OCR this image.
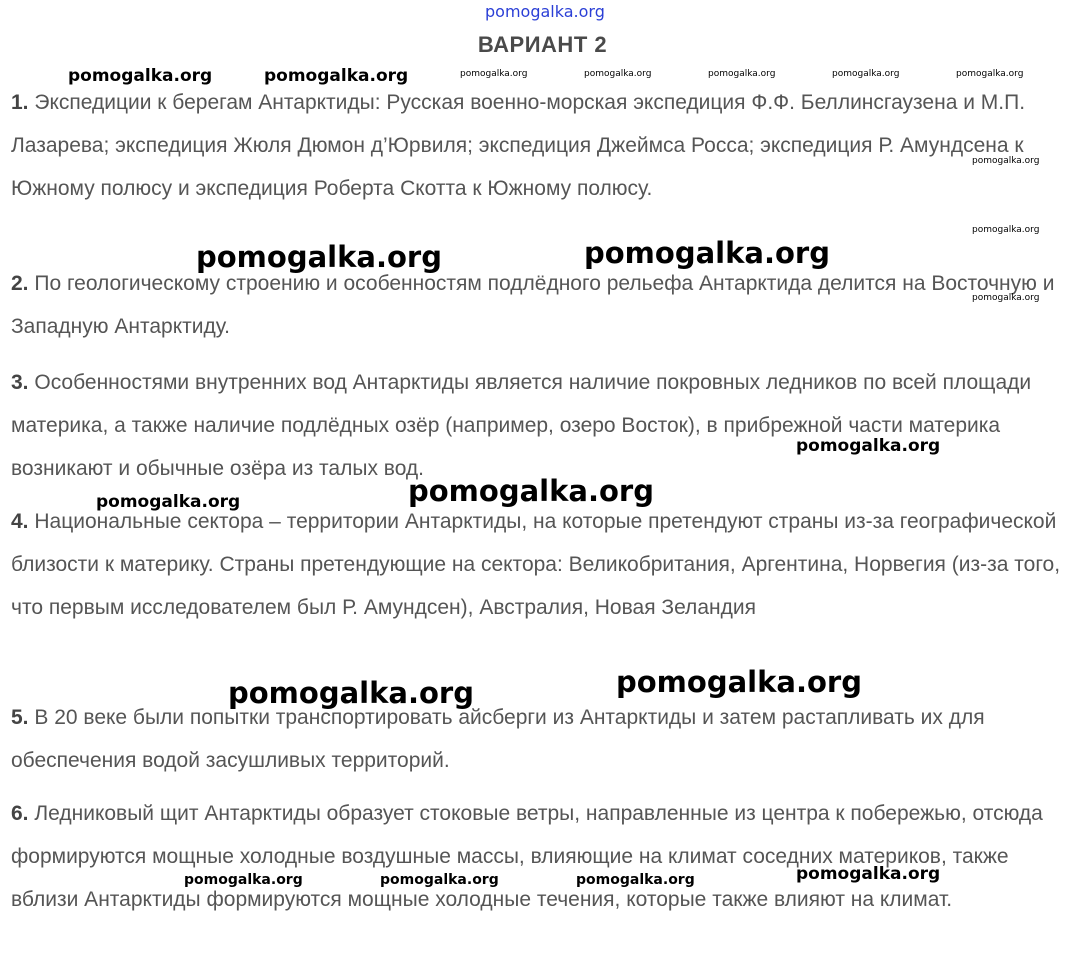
pomogalka.org
pomogalka.org	pomogalka.org	pomogalka.org	pomogalka.org	pomogalka.org	pomogalka.org	pomogalka.org
ВАРИАНТ 2

1. Экспедиции к берегам Антарктиды: Русская военно-морская экспедиция Ф.Ф. Беллинсгаузена и М.П. Лазарева; экспедиция Жюля Дюмон д’Юрвиля; экспедиция Джеймса Росса; экспедиция Р. Амундсена к Южному полюсу и экспедиция Роберта Скотта к Южному полюсу.

2. По геологическому строению и особенностям подлёдного рельефа Антарктида делится на Восточную и Западную Антарктиду.

3. Особенностями внутренних вод Антарктиды является наличие покровных ледников по всей площади материка, а также наличие подлёдных озёр (например, озеро Восток), в прибрежной части материка возникают и обычные озёра из талых вод.

4. Национальные сектора – территории Антарктиды, на которые претендуют страны из-за географической близости к материку. Страны претендующие на сектора: Великобритания, Аргентина, Норвегия (из-за того, что первым исследователем был Р. Амундсен), Австралия, Новая Зеландия

5. В 20 веке были попытки транспортировать айсберги из Антарктиды и затем растапливать их для обеспечения водой засушливых территорий.

6. Ледниковый щит Антарктиды образует стоковые ветры, направленные из центра к побережью, отсюда формируются мощные холодные воздушные массы, влияющие на климат соседних материков, также вблизи Антарктиды формируются мощные холодные течения, которые также влияют на климат.

pomogalka.org
pomogalka.org
pomogalka.org
pomogalka.org	pomogalka.org
pomogalka.org
pomogalka.org
pomogalka.org
pomogalka.org	pomogalka.org
pomogalka.org	pomogalka.org	pomogalka.org	pomogalka.org
